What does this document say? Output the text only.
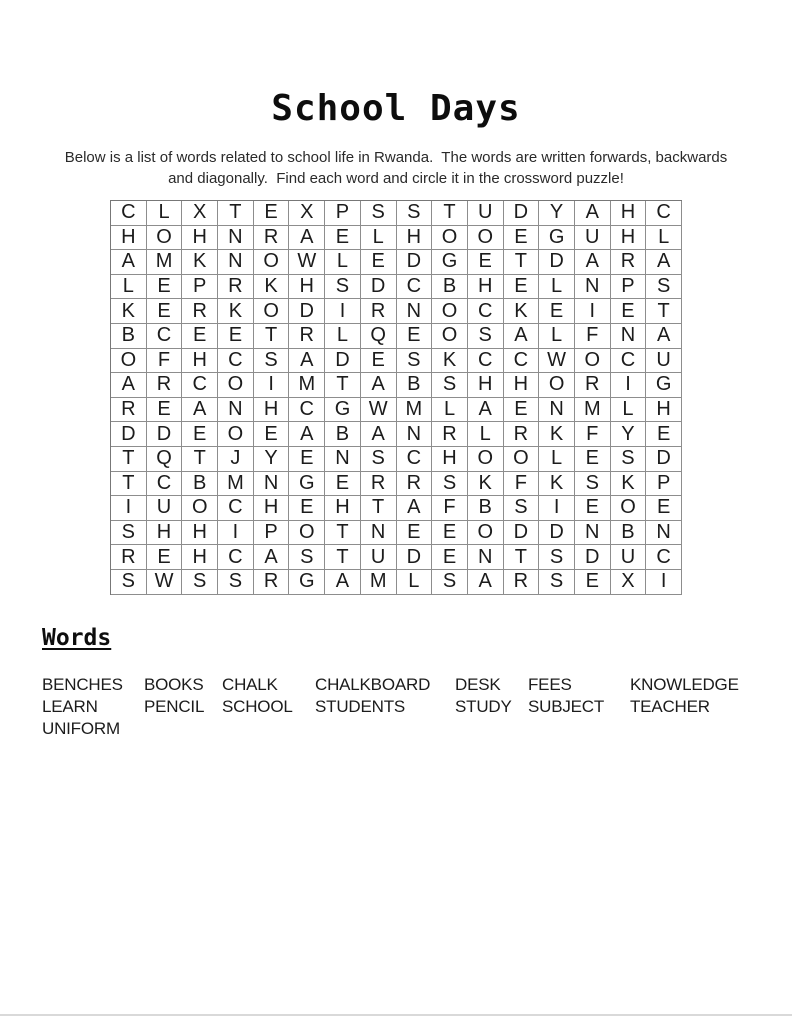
School Days
Below is a list of words related to school life in Rwanda.  The words are written forwards, backwards
and diagonally.  Find each word and circle it in the crossword puzzle!
C	L	X	T	E	X	P	S	S	T	U	D	Y	A	H	C
H	O	H	N	R	A	E	L	H	O	O	E	G	U	H	L
A	M	K	N	O W	L	E	D	G	E	T	D	A	R	A
L	E	P	R	K	H	S	D	C	B	H	E	L	N	P	S
K	E	R	K	O	D	I	R	N	O	C	K	E	I	E	T
B	C	E	E	T	R	L	Q	E	O	S	A	L	F	N	A
O	F	H	C	S	A	D	E	S	K	C	C W O	C	U
A	R	C	O	I	M	T	A	B	S	H	H	O	R	I	G
R	E	A	N	H	C	G W M	L	A	E	N	M	L	H
D	D	E	O	E	A	B	A	N	R	L	R	K	F	Y	E
T	Q	T	J	Y	E	N	S	C	H	O	O	L	E	S	D
T	C	B	M	N	G	E	R	R	S	K	F	K	S	K	P
I	U	O	C	H	E	H	T	A	F	B	S	I	E	O	E
S	H	H	I	P	O	T	N	E	E	O	D	D	N	B	N
R	E	H	C	A	S	T	U	D	E	N	T	S	D	U	C
S W S	S	R	G	A	M	L	S	A	R	S	E	X	I
Words
BENCHES
LEARN
UNIFORM
BOOKS
PENCIL
CHALK
SCHOOL
CHALKBOARD
STUDENTS
DESK
STUDY
FEES
SUBJECT
KNOWLEDGE
TEACHER
